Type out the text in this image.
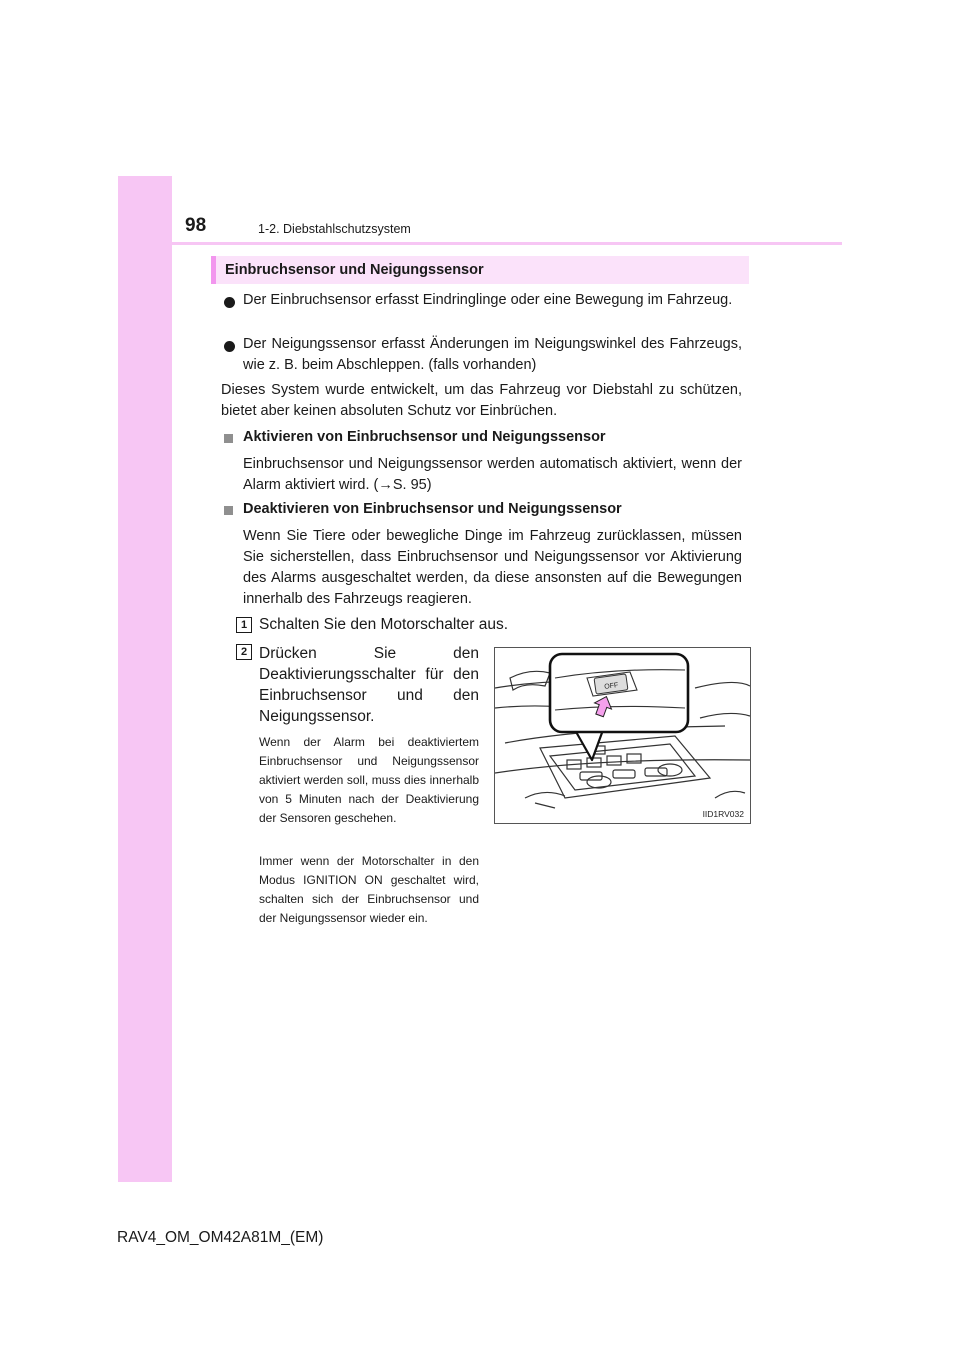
98	1-2. Diebstahlschutzsystem
Einbruchsensor und Neigungssensor
Der Einbruchsensor erfasst Eindringlinge oder eine Bewegung im Fahrzeug.
Der Neigungssensor erfasst Änderungen im Neigungswinkel des Fahrzeugs, wie z. B. beim Abschleppen. (falls vorhanden)
Dieses System wurde entwickelt, um das Fahrzeug vor Diebstahl zu schützen, bietet aber keinen absoluten Schutz vor Einbrüchen.
Aktivieren von Einbruchsensor und Neigungssensor
Einbruchsensor und Neigungssensor werden automatisch aktiviert, wenn der Alarm aktiviert wird. (→S. 95)
Deaktivieren von Einbruchsensor und Neigungssensor
Wenn Sie Tiere oder bewegliche Dinge im Fahrzeug zurücklassen, müssen Sie sicherstellen, dass Einbruchsensor und Neigungssensor vor Aktivierung des Alarms ausgeschaltet werden, da diese ansonsten auf die Bewegungen innerhalb des Fahrzeugs reagieren.
1 Schalten Sie den Motorschalter aus.
2 Drücken Sie den Deaktivierungsschalter für den Einbruchsensor und den Neigungssensor.
Wenn der Alarm bei deaktiviertem Einbruchsensor und Neigungssensor aktiviert werden soll, muss dies innerhalb von 5 Minuten nach der Deaktivierung der Sensoren geschehen.
Immer wenn der Motorschalter in den Modus IGNITION ON geschaltet wird, schalten sich der Einbruchsensor und der Neigungssensor wieder ein.
OFF
IID1RV032
RAV4_OM_OM42A81M_(EM)
